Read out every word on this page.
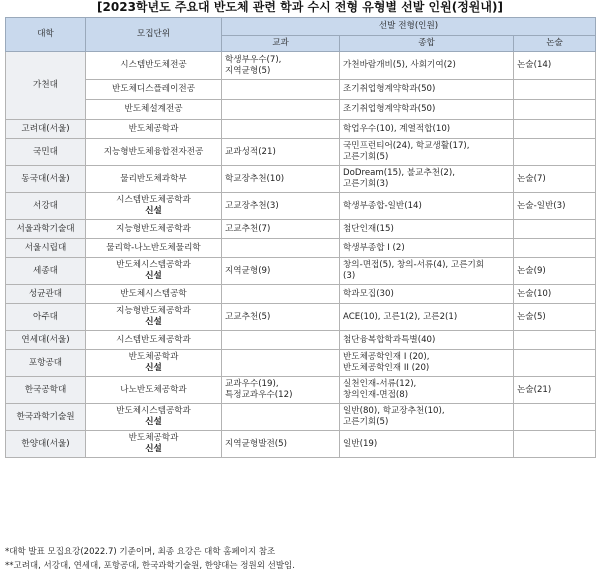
[2023학년도 주요대 반도체 관련 학과 수시 전형 유형별 선발 인원(정원내)]
대학	모집단위	선발 전형(인원)		
		교과	종합	논술
가천대	시스템반도체전공	학생부우수(7),
지역균형(5)	가천바람개비(5), 사회기여(2)	논술(14)

	반도체디스플레이전공		조기취업형계약학과(50)	

	반도체설계전공		조기취업형계약학과(50)	
고려대(서울)	반도체공학과		학업우수(10), 계열적합(10)	
국민대	지능형반도체융합전자전공	교과성적(21)	국민프런티어(24), 학교생활(17),
고른기회(5)	
동국대(서울)	물리반도체과학부	학교장추천(10)	DoDream(15), 불교추천(2),
고른기회(3)	논술(7)
서강대	시스템반도체공학과
신설	고교장추천(3)	학생부종합-일반(14)	논술-일반(3)
서울과학기술대	지능형반도체공학과	고교추천(7)	첨단인재(15)	
서울시립대	물리학-나노반도체물리학		학생부종합 I (2)	
세종대	반도체시스템공학과
신설	지역균형(9)	창의-면접(5), 창의-서류(4), 고른기회
(3)	논술(9)
성균관대	반도체시스템공학		학과모집(30)	논술(10)
아주대	지능형반도체공학과
신설	고교추천(5)	ACE(10), 고른1(2), 고른2(1)	논술(5)
연세대(서울)	시스템반도체공학과		첨단융복합학과특별(40)	
포항공대	반도체공학과
신설		반도체공학인재 I (20),
반도체공학인재 II (20)	
한국공학대	나노반도체공학과	교과우수(19),
특정교과우수(12)	실천인재-서류(12),
창의인재-면접(8)	논술(21)
한국과학기술원	반도체시스템공학과
신설		일반(80), 학교장추천(10),
고른기회(5)	
한양대(서울)	반도체공학과
신설	지역균형발전(5)	일반(19)	
*대학 발표 모집요강(2022.7) 기준이며, 최종 요강은 대학 홈페이지 참조
**고려대, 서강대, 연세대, 포항공대, 한국과학기술원, 한양대는 정원외 선발임.
